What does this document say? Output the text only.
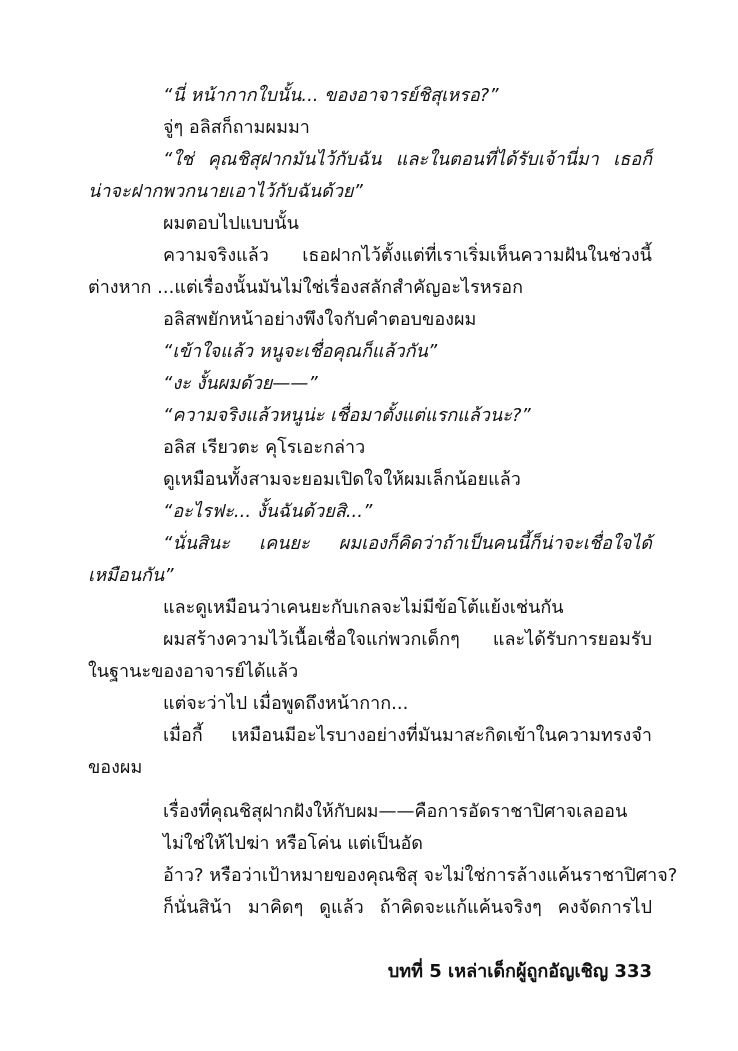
“นี่ หน้ากากใบนั้น... ของอาจารย์ชิสุเหรอ?”
จู่ๆ อลิสก็ถามผมมา
“ใช่ คุณชิสุฝากมันไว้กับฉัน และในตอนที่ได้รับเจ้านี่มา เธอก็
น่าจะฝากพวกนายเอาไว้กับฉันด้วย”
ผมตอบไปแบบนั้น
ความจริงแล้ว เธอฝากไว้ตั้งแต่ที่เราเริ่มเห็นความฝันในช่วงนี้
ต่างหาก ...แต่เรื่องนั้นมันไม่ใช่เรื่องสลักสำคัญอะไรหรอก
อลิสพยักหน้าอย่างพึงใจกับคำตอบของผม
“เข้าใจแล้ว หนูจะเชื่อคุณก็แล้วกัน”
“งะ งั้นผมด้วย——”
“ความจริงแล้วหนูน่ะ เชื่อมาตั้งแต่แรกแล้วนะ?”
อลิส เรียวตะ คุโรเอะกล่าว
ดูเหมือนทั้งสามจะยอมเปิดใจให้ผมเล็กน้อยแล้ว
“อะไรฟะ... งั้นฉันด้วยสิ...”
“นั่นสินะ เคนยะ ผมเองก็คิดว่าถ้าเป็นคนนี้ก็น่าจะเชื่อใจได้
เหมือนกัน”
และดูเหมือนว่าเคนยะกับเกลจะไม่มีข้อโต้แย้งเช่นกัน
ผมสร้างความไว้เนื้อเชื่อใจแก่พวกเด็กๆ และได้รับการยอมรับ
ในฐานะของอาจารย์ได้แล้ว
แต่จะว่าไป เมื่อพูดถึงหน้ากาก...
เมื่อกี้ เหมือนมีอะไรบางอย่างที่มันมาสะกิดเข้าในความทรงจำ
ของผม
เรื่องที่คุณชิสุฝากฝังให้กับผม——คือการอัดราชาปิศาจเลออน
ไม่ใช่ให้ไปฆ่า หรือโค่น แต่เป็นอัด
อ้าว? หรือว่าเป้าหมายของคุณชิสุ จะไม่ใช่การล้างแค้นราชาปิศาจ?
ก็นั่นสิน้า มาคิดๆ ดูแล้ว ถ้าคิดจะแก้แค้นจริงๆ คงจัดการไป
บทที่ 5 เหล่าเด็กผู้ถูกอัญเชิญ 333
